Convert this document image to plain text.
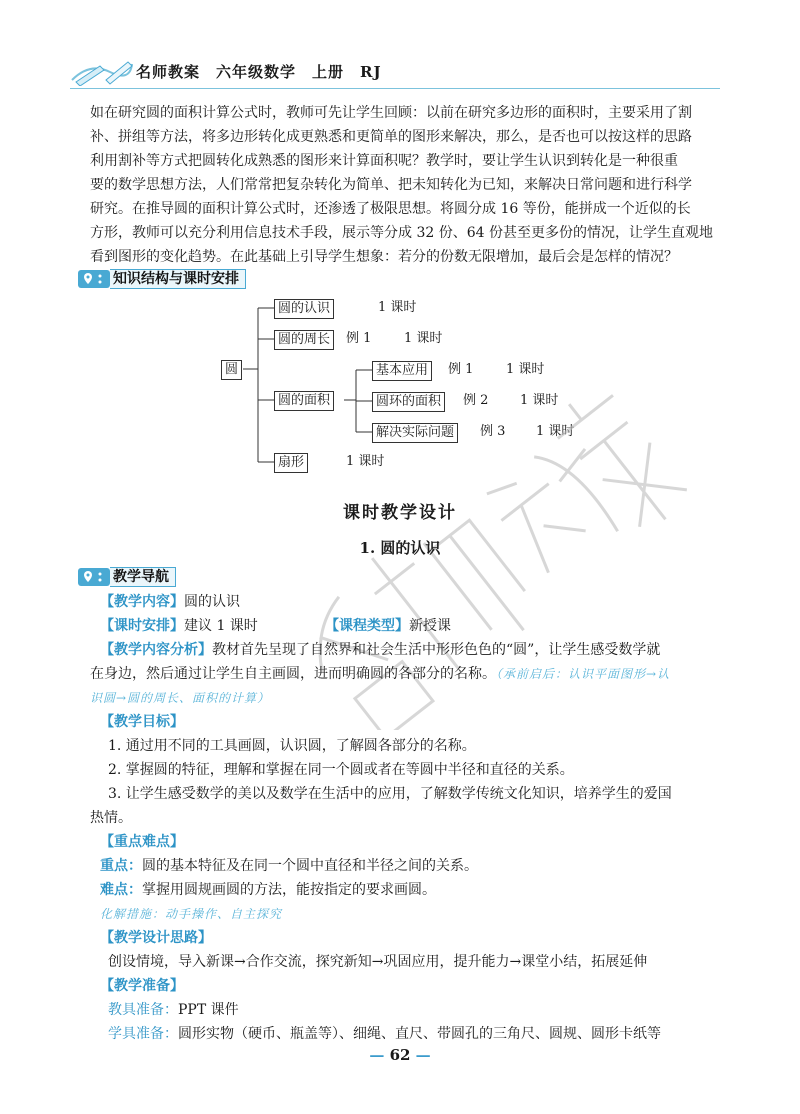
名师教案　六年级数学　上册　RJ
如在研究圆的面积计算公式时，教师可先让学生回顾：以前在研究多边形的面积时，主要采用了割
补、拼组等方法，将多边形转化成更熟悉和更简单的图形来解决，那么，是否也可以按这样的思路
利用割补等方式把圆转化成熟悉的图形来计算面积呢？教学时，要让学生认识到转化是一种很重
要的数学思想方法，人们常常把复杂转化为简单、把未知转化为已知，来解决日常问题和进行科学
研究。在推导圆的面积计算公式时，还渗透了极限思想。将圆分成 16 等份，能拼成一个近似的长
方形，教师可以充分利用信息技术手段，展示等分成 32 份、64 份甚至更多份的情况，让学生直观地
看到图形的变化趋势。在此基础上引导学生想象：若分的份数无限增加，最后会是怎样的情况？
知识结构与课时安排
圆
圆的认识	1 课时
圆的周长	例 1	1 课时
圆的面积
基本应用	例 1	1 课时
圆环的面积	例 2 1 课时
解决实际问题	例 3 1 课时
扇形	1 课时
课时教学设计
1. 圆的认识
教学导航
【教学内容】圆的认识
【课时安排】建议 1 课时	【课程类型】新授课
【教学内容分析】教材首先呈现了自然界和社会生活中形形色色的“圆”，让学生感受数学就
在身边，然后通过让学生自主画圆，进而明确圆的各部分的名称。（承前启后：认识平面图形→认
识圆→圆的周长、面积的计算）
【教学目标】
1. 通过用不同的工具画圆，认识圆，了解圆各部分的名称。
2. 掌握圆的特征，理解和掌握在同一个圆或者在等圆中半径和直径的关系。
3. 让学生感受数学的美以及数学在生活中的应用，了解数学传统文化知识，培养学生的爱国
热情。
【重点难点】
重点：圆的基本特征及在同一个圆中直径和半径之间的关系。
难点：掌握用圆规画圆的方法，能按指定的要求画圆。
化解措施：动手操作、自主探究
【教学设计思路】
创设情境，导入新课→合作交流，探究新知→巩固应用，提升能力→课堂小结，拓展延伸
【教学准备】
教具准备：PPT 课件
学具准备：圆形实物（硬币、瓶盖等）、细绳、直尺、带圆孔的三角尺、圆规、圆形卡纸等
— 62 —
